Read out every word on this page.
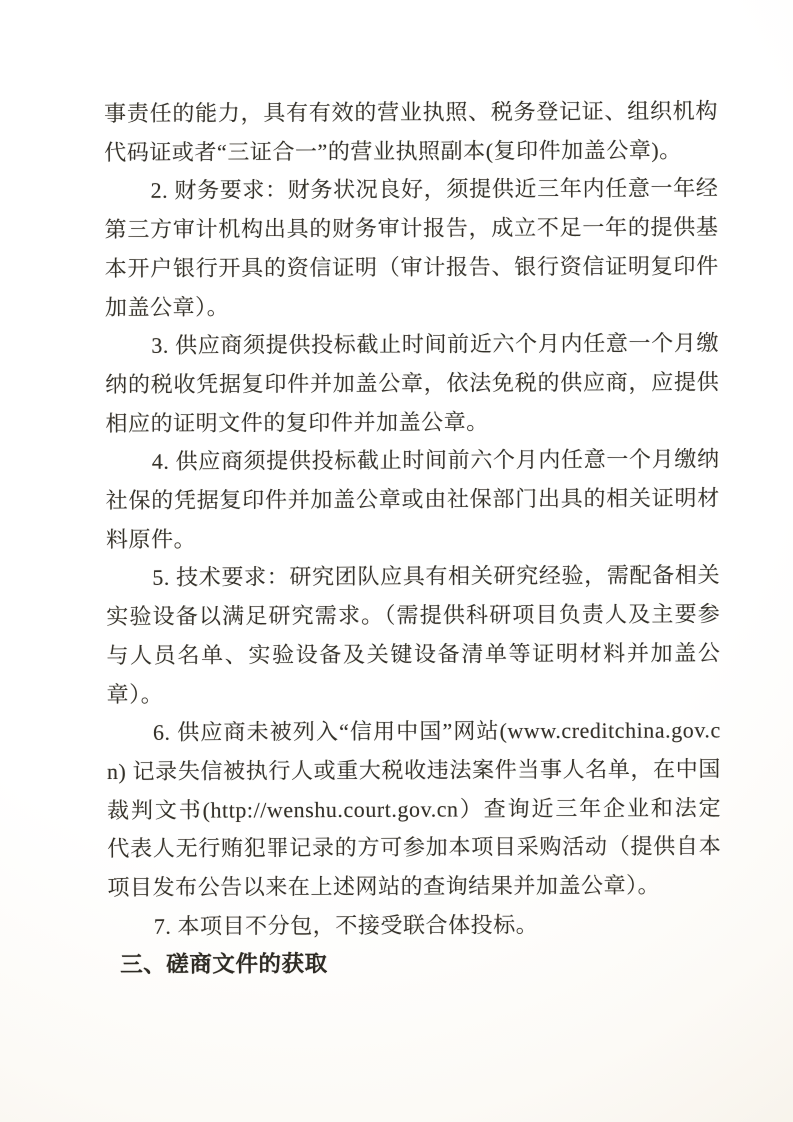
事责任的能力，具有有效的营业执照、税务登记证、组织机构代码证或者“三证合一”的营业执照副本(复印件加盖公章)。

2. 财务要求：财务状况良好，须提供近三年内任意一年经第三方审计机构出具的财务审计报告，成立不足一年的提供基本开户银行开具的资信证明（审计报告、银行资信证明复印件加盖公章）。

3. 供应商须提供投标截止时间前近六个月内任意一个月缴纳的税收凭据复印件并加盖公章，依法免税的供应商，应提供相应的证明文件的复印件并加盖公章。

4. 供应商须提供投标截止时间前六个月内任意一个月缴纳社保的凭据复印件并加盖公章或由社保部门出具的相关证明材料原件。

5. 技术要求：研究团队应具有相关研究经验，需配备相关实验设备以满足研究需求。（需提供科研项目负责人及主要参与人员名单、实验设备及关键设备清单等证明材料并加盖公章）。

6. 供应商未被列入“信用中国”网站(www.creditchina.gov.cn) 记录失信被执行人或重大税收违法案件当事人名单，在中国裁判文书(http://wenshu.court.gov.cn）查询近三年企业和法定代表人无行贿犯罪记录的方可参加本项目采购活动（提供自本项目发布公告以来在上述网站的查询结果并加盖公章）。

7. 本项目不分包，不接受联合体投标。

三、磋商文件的获取
